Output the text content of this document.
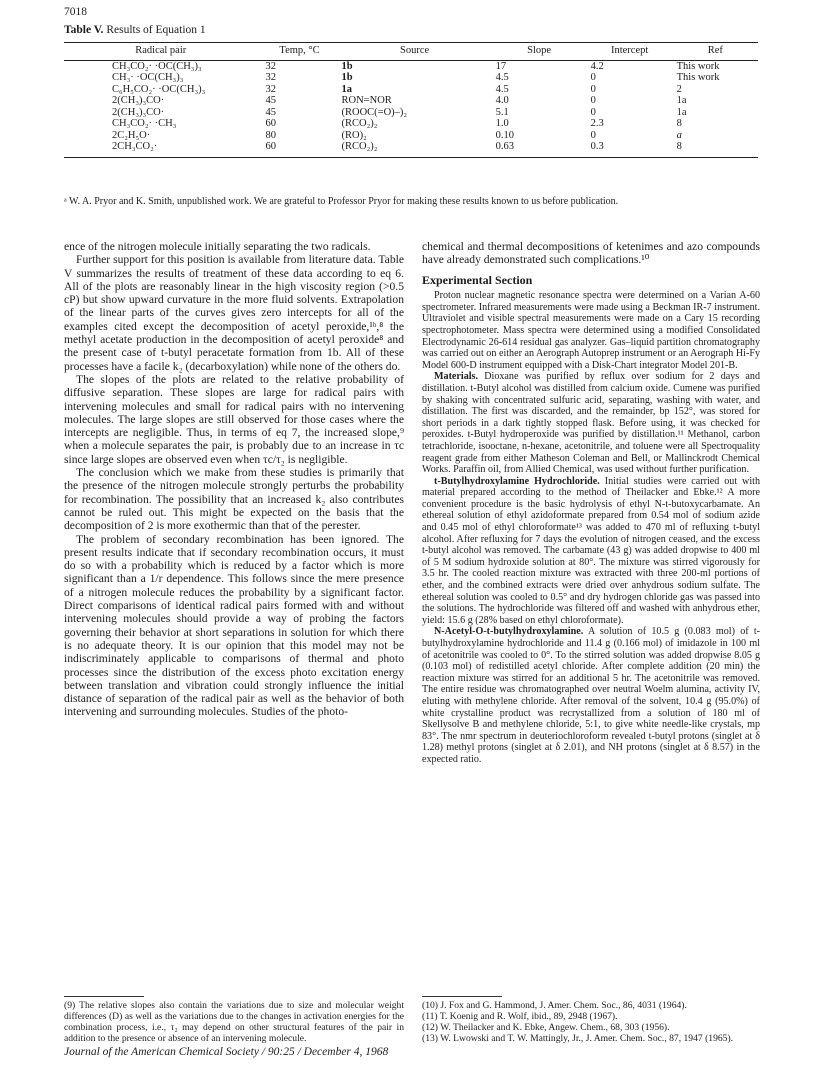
7018
Table V. Results of Equation 1
Radical pair	Temp, °C	Source	Slope	Intercept	Ref
CH₃CO₂· ·OC(CH₃)₃	32	1b	17	4.2	This work
CH₃· ·OC(CH₃)₃	32	1b	4.5	0	This work
C₆H₅CO₂· ·OC(CH₃)₃	32	1a	4.5	0	2
2(CH₃)₃CO·	45	RON=NOR	4.0	0	1a
2(CH₃)₃CO·	45	(ROOC(=O)–)₂	5.1	0	1a
CH₃CO₂· ·CH₃	60	(RCO₂)₂	1.0	2.3	8
2C₂H₅O·	80	(RO)₂	0.10	0	a
2CH₃CO₂·	60	(RCO₂)₂	0.63	0.3	8
ᵃ W. A. Pryor and K. Smith, unpublished work. We are grateful to Professor Pryor for making these results known to us before publication.

ence of the nitrogen molecule initially separating the two radicals.

Further support for this position is available from literature data. Table V summarizes the results of treatment of these data according to eq 6. All of the plots are reasonably linear in the high viscosity region (>0.5 cP) but show upward curvature in the more fluid solvents. Extrapolation of the linear parts of the curves gives zero intercepts for all of the examples cited except the decomposition of acetyl peroxide,¹ᵇ,⁸ the methyl acetate production in the decomposition of acetyl peroxide⁸ and the present case of t-butyl peracetate formation from 1b. All of these processes have a facile k₂ (decarboxylation) while none of the others do.

The slopes of the plots are related to the relative probability of diffusive separation. These slopes are large for radical pairs with intervening molecules and small for radical pairs with no intervening molecules. The large slopes are still observed for those cases where the intercepts are negligible. Thus, in terms of eq 7, the increased slope,⁹ when a molecule separates the pair, is probably due to an increase in τc since large slopes are observed even when τc/τ₂ is negligible.

The conclusion which we make from these studies is primarily that the presence of the nitrogen molecule strongly perturbs the probability for recombination. The possibility that an increased k₂ also contributes cannot be ruled out. This might be expected on the basis that the decomposition of 2 is more exothermic than that of the perester.

The problem of secondary recombination has been ignored. The present results indicate that if secondary recombination occurs, it must do so with a probability which is reduced by a factor which is more significant than a 1/r dependence. This follows since the mere presence of a nitrogen molecule reduces the probability by a significant factor. Direct comparisons of identical radical pairs formed with and without intervening molecules should provide a way of probing the factors governing their behavior at short separations in solution for which there is no adequate theory. It is our opinion that this model may not be indiscriminately applicable to comparisons of thermal and photo processes since the distribution of the excess photo excitation energy between translation and vibration could strongly influence the initial distance of separation of the radical pair as well as the behavior of both intervening and surrounding molecules. Studies of the photo-

chemical and thermal decompositions of ketenimes and azo compounds have already demonstrated such complications.¹⁰

Experimental Section

Proton nuclear magnetic resonance spectra were determined on a Varian A-60 spectrometer. Infrared measurements were made using a Beckman IR-7 instrument. Ultraviolet and visible spectral measurements were made on a Cary 15 recording spectrophotometer. Mass spectra were determined using a modified Consolidated Electrodynamic 26-614 residual gas analyzer. Gas–liquid partition chromatography was carried out on either an Aerograph Autoprep instrument or an Aerograph Hi-Fy Model 600-D instrument equipped with a Disk-Chart integrator Model 201-B.

Materials. Dioxane was purified by reflux over sodium for 2 days and distillation. t-Butyl alcohol was distilled from calcium oxide. Cumene was purified by shaking with concentrated sulfuric acid, separating, washing with water, and distillation. The first was discarded, and the remainder, bp 152°, was stored for short periods in a dark tightly stopped flask. Before using, it was checked for peroxides. t-Butyl hydroperoxide was purified by distillation.¹¹ Methanol, carbon tetrachloride, isooctane, n-hexane, acetonitrile, and toluene were all Spectroquality reagent grade from either Matheson Coleman and Bell, or Mallinckrodt Chemical Works. Paraffin oil, from Allied Chemical, was used without further purification.

t-Butylhydroxylamine Hydrochloride. Initial studies were carried out with material prepared according to the method of Theilacker and Ebke.¹² A more convenient procedure is the basic hydrolysis of ethyl N-t-butoxycarbamate. An ethereal solution of ethyl azidoformate prepared from 0.54 mol of sodium azide and 0.45 mol of ethyl chloroformate¹³ was added to 470 ml of refluxing t-butyl alcohol. After refluxing for 7 days the evolution of nitrogen ceased, and the excess t-butyl alcohol was removed. The carbamate (43 g) was added dropwise to 400 ml of 5 M sodium hydroxide solution at 80°. The mixture was stirred vigorously for 3.5 hr. The cooled reaction mixture was extracted with three 200-ml portions of ether, and the combined extracts were dried over anhydrous sodium sulfate. The ethereal solution was cooled to 0.5° and dry hydrogen chloride gas was passed into the solutions. The hydrochloride was filtered off and washed with anhydrous ether, yield: 15.6 g (28% based on ethyl chloroformate).

N-Acetyl-O-t-butylhydroxylamine. A solution of 10.5 g (0.083 mol) of t-butylhydroxylamine hydrochloride and 11.4 g (0.166 mol) of imidazole in 100 ml of acetonitrile was cooled to 0°. To the stirred solution was added dropwise 8.05 g (0.103 mol) of redistilled acetyl chloride. After complete addition (20 min) the reaction mixture was stirred for an additional 5 hr. The acetonitrile was removed. The entire residue was chromatographed over neutral Woelm alumina, activity IV, eluting with methylene chloride. After removal of the solvent, 10.4 g (95.0%) of white crystalline product was recrystallized from a solution of 180 ml of Skellysolve B and methylene chloride, 5:1, to give white needle-like crystals, mp 83°. The nmr spectrum in deuteriochloroform revealed t-butyl protons (singlet at δ 1.28) methyl protons (singlet at δ 2.01), and NH protons (singlet at δ 8.57) in the expected ratio.

(9) The relative slopes also contain the variations due to size and molecular weight differences (D) as well as the variations due to the changes in activation energies for the combination process, i.e., τ₂ may depend on other structural features of the pair in addition to the presence or absence of an intervening molecule.

(10) J. Fox and G. Hammond, J. Amer. Chem. Soc., 86, 4031 (1964).

(11) T. Koenig and R. Wolf, ibid., 89, 2948 (1967).

(12) W. Theilacker and K. Ebke, Angew. Chem., 68, 303 (1956).

(13) W. Lwowski and T. W. Mattingly, Jr., J. Amer. Chem. Soc., 87, 1947 (1965).

Journal of the American Chemical Society / 90:25 / December 4, 1968
